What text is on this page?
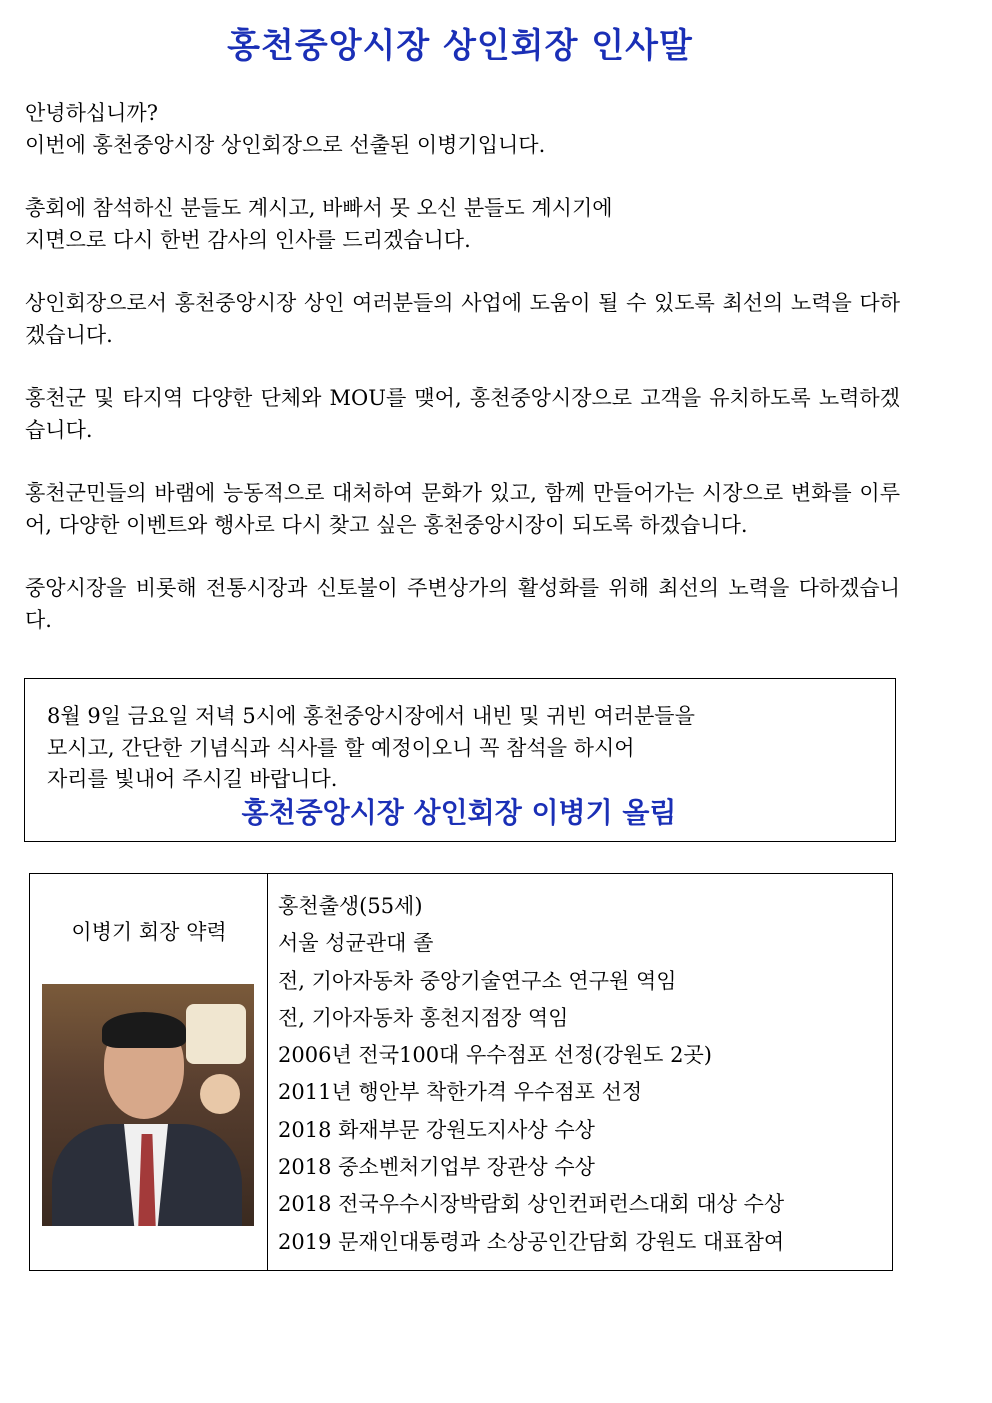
홍천중앙시장 상인회장 인사말

안녕하십니까?
이번에 홍천중앙시장 상인회장으로 선출된 이병기입니다.

총회에 참석하신 분들도 계시고, 바빠서 못 오신 분들도 계시기에
지면으로 다시 한번 감사의 인사를 드리겠습니다.

상인회장으로서 홍천중앙시장 상인 여러분들의 사업에 도움이 될 수 있도록 최선의 노력을 다하겠습니다.

홍천군 및 타지역 다양한 단체와 MOU를 맺어, 홍천중앙시장으로 고객을 유치하도록 노력하겠습니다.

홍천군민들의 바램에 능동적으로 대처하여 문화가 있고, 함께 만들어가는 시장으로 변화를 이루어, 다양한 이벤트와 행사로 다시 찾고 싶은 홍천중앙시장이 되도록 하겠습니다.

중앙시장을 비롯해 전통시장과 신토불이 주변상가의 활성화를 위해 최선의 노력을 다하겠습니다.

8월 9일 금요일 저녁 5시에 홍천중앙시장에서 내빈 및 귀빈 여러분들을
모시고, 간단한 기념식과 식사를 할 예정이오니 꼭 참석을 하시어
자리를 빛내어 주시길 바랍니다.
홍천중앙시장 상인회장 이병기 올림
이병기 회장 약력
홍천출생(55세)
서울 성균관대 졸
전, 기아자동차 중앙기술연구소 연구원 역임
전, 기아자동차 홍천지점장 역임
2006년 전국100대 우수점포 선정(강원도 2곳)
2011년 행안부 착한가격 우수점포 선정
2018 화재부문 강원도지사상 수상
2018 중소벤처기업부 장관상 수상
2018 전국우수시장박람회 상인컨퍼런스대회 대상 수상
2019 문재인대통령과 소상공인간담회 강원도 대표참여
